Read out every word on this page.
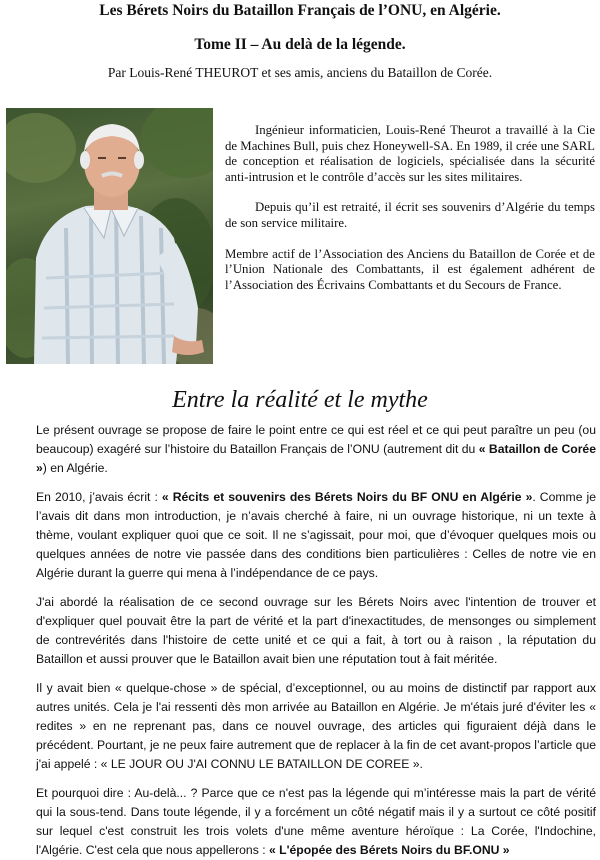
Les Bérets Noirs du Bataillon Français de l’ONU, en Algérie.
Tome II – Au delà de la légende.
Par Louis-René THEUROT et ses amis, anciens du Bataillon de Corée.

Ingénieur informaticien, Louis-René Theurot a travaillé à la Cie de Machines Bull, puis chez Honeywell-SA. En 1989, il crée une SARL de conception et réalisation de logiciels, spécialisée dans la sécurité anti-intrusion et le contrôle d’accès sur les sites militaires.

Depuis qu’il est retraité, il écrit ses souvenirs d’Algérie du temps de son service militaire.

Membre actif de l’Association des Anciens du Bataillon de Corée et de l’Union Nationale des Combattants, il est également adhérent de l’Association des Écrivains Combattants et du Secours de France.

Entre la réalité et le mythe

Le présent ouvrage se propose de faire le point entre ce qui est réel et ce qui peut paraître un peu (ou beaucoup) exagéré sur l’histoire du Bataillon Français de l’ONU (autrement dit du « Bataillon de Corée ») en Algérie.

En 2010, j’avais écrit : « Récits et souvenirs des Bérets Noirs du BF ONU en Algérie ». Comme je l’avais dit dans mon introduction, je n’avais cherché à faire, ni un ouvrage historique, ni un texte à thème, voulant expliquer quoi que ce soit. Il ne s’agissait, pour moi, que d’évoquer quelques mois ou quelques années de notre vie passée dans des conditions bien particulières : Celles de notre vie en Algérie durant la guerre qui mena à l’indépendance de ce pays.

J'ai abordé la réalisation de ce second ouvrage sur les Bérets Noirs avec l'intention de trouver et d'expliquer quel pouvait être la part de vérité et la part d'inexactitudes, de mensonges ou simplement de contrevérités dans l'histoire de cette unité et ce qui a fait, à tort ou à raison , la réputation du Bataillon et aussi prouver que le Bataillon avait bien une réputation tout à fait méritée.

Il y avait bien « quelque-chose » de spécial, d’exceptionnel, ou au moins de distinctif par rapport aux autres unités. Cela je l'ai ressenti dès mon arrivée au Bataillon en Algérie. Je m'étais juré d'éviter les « redites » en ne reprenant pas, dans ce nouvel ouvrage, des articles qui figuraient déjà dans le précédent. Pourtant, je ne peux faire autrement que de replacer à la fin de cet avant-propos l’article que j'ai appelé : « LE JOUR OU J'AI CONNU LE BATAILLON DE COREE ».

Et pourquoi dire : Au-delà... ? Parce que ce n'est pas la légende qui m’intéresse mais la part de vérité qui la sous-tend. Dans toute légende, il y a forcément un côté négatif mais il y a surtout ce côté positif sur lequel c'est construit les trois volets d'une même aventure héroïque : La Corée, l'Indochine, l'Algérie. C'est cela que nous appellerons : « L'épopée des Bérets Noirs du BF.ONU »
